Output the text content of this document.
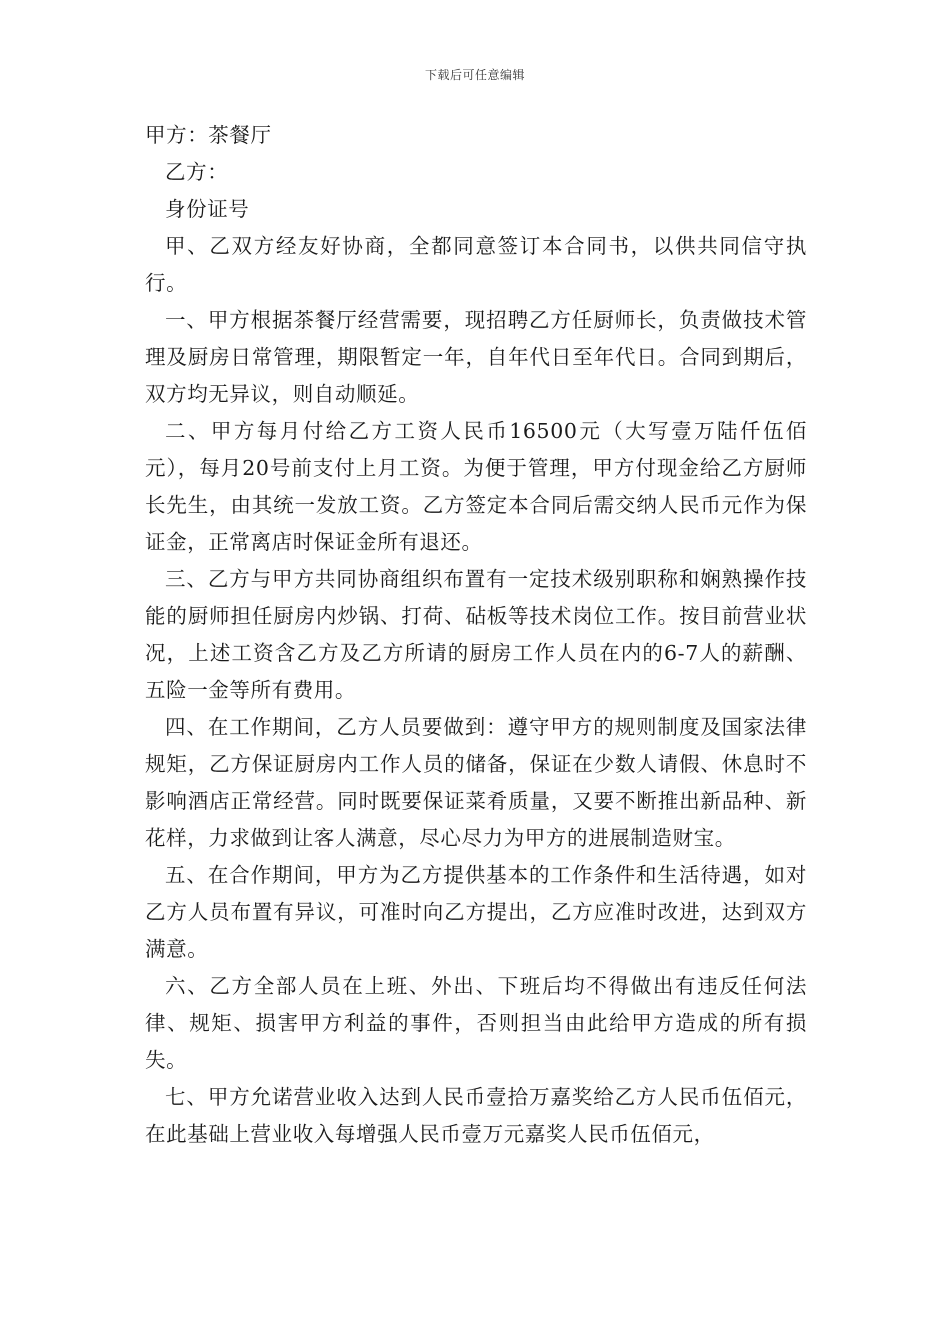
下载后可任意编辑

甲方：茶餐厅

乙方：

身份证号

甲、乙双方经友好协商，全都同意签订本合同书，以供共同信守执行。

一、甲方根据茶餐厅经营需要，现招聘乙方任厨师长，负责做技术管理及厨房日常管理，期限暂定一年，自年代日至年代日。合同到期后，双方均无异议，则自动顺延。

二、甲方每月付给乙方工资人民币16500元（大写壹万陆仟伍佰元），每月20号前支付上月工资。为便于管理，甲方付现金给乙方厨师长先生，由其统一发放工资。乙方签定本合同后需交纳人民币元作为保证金，正常离店时保证金所有退还。

三、乙方与甲方共同协商组织布置有一定技术级别职称和娴熟操作技能的厨师担任厨房内炒锅、打荷、砧板等技术岗位工作。按目前营业状况，上述工资含乙方及乙方所请的厨房工作人员在内的6-7人的薪酬、五险一金等所有费用。

四、在工作期间，乙方人员要做到：遵守甲方的规则制度及国家法律规矩，乙方保证厨房内工作人员的储备，保证在少数人请假、休息时不影响酒店正常经营。同时既要保证菜肴质量，又要不断推出新品种、新花样，力求做到让客人满意，尽心尽力为甲方的进展制造财宝。

五、在合作期间，甲方为乙方提供基本的工作条件和生活待遇，如对乙方人员布置有异议，可准时向乙方提出，乙方应准时改进，达到双方满意。

六、乙方全部人员在上班、外出、下班后均不得做出有违反任何法律、规矩、损害甲方利益的事件，否则担当由此给甲方造成的所有损失。

七、甲方允诺营业收入达到人民币壹拾万嘉奖给乙方人民币伍佰元，在此基础上营业收入每增强人民币壹万元嘉奖人民币伍佰元，
